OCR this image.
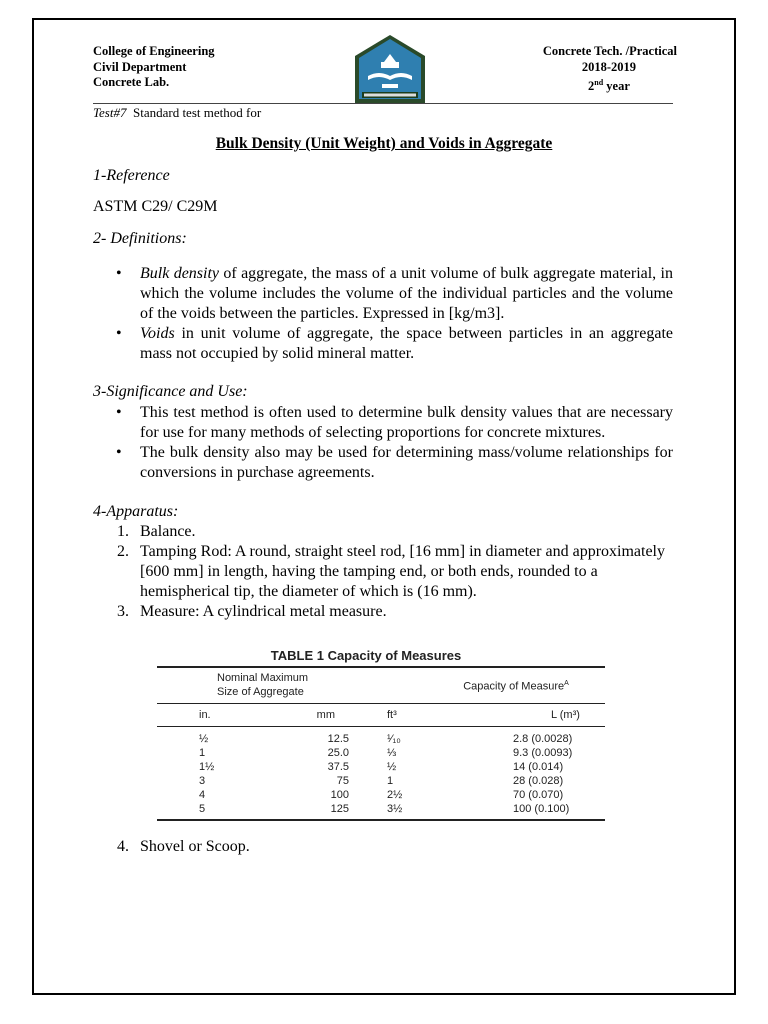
College of Engineering
Civil Department
Concrete Lab.
Concrete Tech. /Practical
2018-2019
2nd year
Test#7 Standard test method for
Bulk Density (Unit Weight) and Voids in Aggregate
1-Reference
ASTM C29/ C29M
2- Definitions:
• Bulk density of aggregate, the mass of a unit volume of bulk aggregate material, in which the volume includes the volume of the individual particles and the volume of the voids between the particles. Expressed in [kg/m3].
• Voids in unit volume of aggregate, the space between particles in an aggregate mass not occupied by solid mineral matter.
3-Significance and Use:
• This test method is often used to determine bulk density values that are necessary for use for many methods of selecting proportions for concrete mixtures.
• The bulk density also may be used for determining mass/volume relationships for conversions in purchase agreements.
4-Apparatus:
1. Balance.
2. Tamping Rod: A round, straight steel rod, [16 mm] in diameter and approximately [600 mm] in length, having the tamping end, or both ends, rounded to a hemispherical tip, the diameter of which is (16 mm).
3. Measure: A cylindrical metal measure.
TABLE 1 Capacity of Measures
Nominal Maximum Size of Aggregate		Capacity of Measure$^A$
in.	mm	ft³	L (m³)
½	12.5	¹⁄₁₀	2.8 (0.0028)
1	25.0	⅓	9.3 (0.0093)
1½	37.5	½	14 (0.014)
3	75	1	28 (0.028)
4	100	2½	70 (0.070)
5	125	3½	100 (0.100)
4. Shovel or Scoop.
